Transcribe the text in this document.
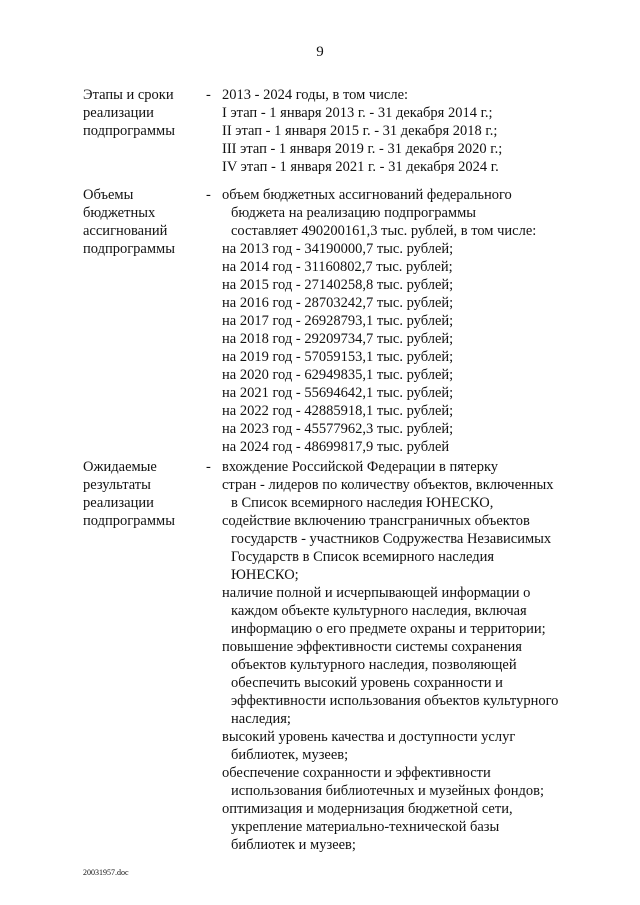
9
Этапы и сроки
реализации
подпрограммы
- 2013 - 2024 годы, в том числе:
I этап - 1 января 2013 г. - 31 декабря 2014 г.;
II этап - 1 января 2015 г. - 31 декабря 2018 г.;
III этап - 1 января 2019 г. - 31 декабря 2020 г.;
IV этап - 1 января 2021 г. - 31 декабря 2024 г.
Объемы
бюджетных
ассигнований
подпрограммы
- объем бюджетных ассигнований федерального
бюджета на реализацию подпрограммы
составляет 490200161,3 тыс. рублей, в том числе:
на 2013 год - 34190000,7 тыс. рублей;
на 2014 год - 31160802,7 тыс. рублей;
на 2015 год - 27140258,8 тыс. рублей;
на 2016 год - 28703242,7 тыс. рублей;
на 2017 год - 26928793,1 тыс. рублей;
на 2018 год - 29209734,7 тыс. рублей;
на 2019 год - 57059153,1 тыс. рублей;
на 2020 год - 62949835,1 тыс. рублей;
на 2021 год - 55694642,1 тыс. рублей;
на 2022 год - 42885918,1 тыс. рублей;
на 2023 год - 45577962,3 тыс. рублей;
на 2024 год - 48699817,9 тыс. рублей
Ожидаемые
результаты
реализации
подпрограммы
- вхождение Российской Федерации в пятерку
стран - лидеров по количеству объектов, включенных
в Список всемирного наследия ЮНЕСКО,
содействие включению трансграничных объектов
государств - участников Содружества Независимых
Государств в Список всемирного наследия
ЮНЕСКО;
наличие полной и исчерпывающей информации о
каждом объекте культурного наследия, включая
информацию о его предмете охраны и территории;
повышение эффективности системы сохранения
объектов культурного наследия, позволяющей
обеспечить высокий уровень сохранности и
эффективности использования объектов культурного
наследия;
высокий уровень качества и доступности услуг
библиотек, музеев;
обеспечение сохранности и эффективности
использования библиотечных и музейных фондов;
оптимизация и модернизация бюджетной сети,
укрепление материально-технической базы
библиотек и музеев;
20031957.doc
